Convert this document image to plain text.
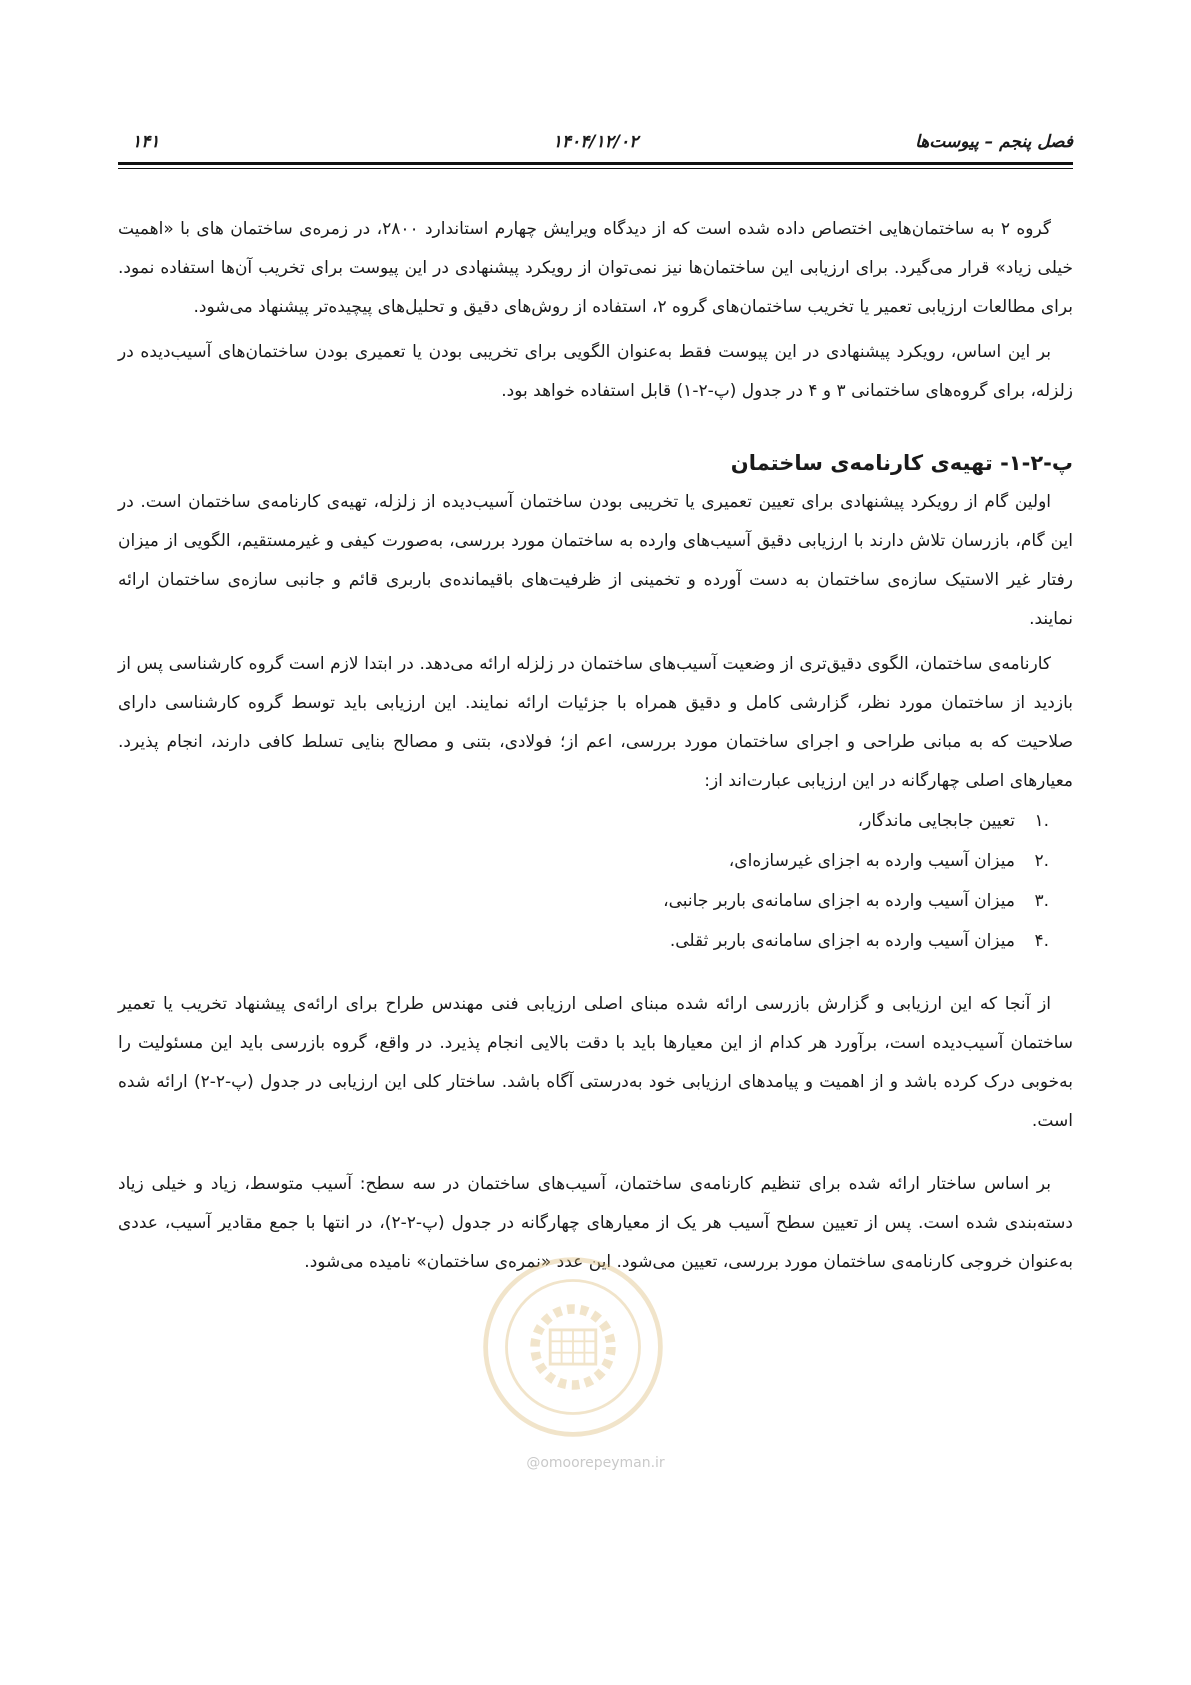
فصل پنجم – پیوست‌ها
۱۴۰۴/۱۲/۰۲
۱۴۱

گروه ۲ به ساختمان‌هایی اختصاص داده شده است که از دیدگاه ویرایش چهارم استاندارد ۲۸۰۰، در زمره‌ی ساختمان های با «اهمیت خیلی زیاد» قرار می‌گیرد. برای ارزیابی این ساختمان‌ها نیز نمی‌توان از رویکرد پیشنهادی در این پیوست برای تخریب آن‌ها استفاده نمود. برای مطالعات ارزیابی تعمیر یا تخریب ساختمان‌های گروه ۲، استفاده از روش‌های دقیق و تحلیل‌های پیچیده‌تر پیشنهاد می‌شود.

بر این اساس، رویکرد پیشنهادی در این پیوست فقط به‌عنوان الگویی برای تخریبی بودن یا تعمیری بودن ساختمان‌های آسیب‌دیده در زلزله، برای گروه‌های ساختمانی ۳ و ۴ در جدول (پ-۲-۱) قابل استفاده خواهد بود.

پ-۲-۱- تهیه‌ی کارنامه‌ی ساختمان

اولین گام از رویکرد پیشنهادی برای تعیین تعمیری یا تخریبی بودن ساختمان آسیب‌دیده از زلزله، تهیه‌ی کارنامه‌ی ساختمان است. در این گام، بازرسان تلاش دارند با ارزیابی دقیق آسیب‌های وارده به ساختمان مورد بررسی، به‌صورت کیفی و غیرمستقیم، الگویی از میزان رفتار غیر الاستیک سازه‌ی ساختمان به دست آورده و تخمینی از ظرفیت‌های باقیمانده‌ی باربری قائم و جانبی سازه‌ی ساختمان ارائه نمایند.

کارنامه‌ی ساختمان، الگوی دقیق‌تری از وضعیت آسیب‌های ساختمان در زلزله ارائه می‌دهد. در ابتدا لازم است گروه کارشناسی پس از بازدید از ساختمان مورد نظر، گزارشی کامل و دقیق همراه با جزئیات ارائه نمایند. این ارزیابی باید توسط گروه کارشناسی دارای صلاحیت که به مبانی طراحی و اجرای ساختمان مورد بررسی، اعم از؛ فولادی، بتنی و مصالح بنایی تسلط کافی دارند، انجام پذیرد. معیارهای اصلی چهارگانه در این ارزیابی عبارت‌اند از:

.۱
تعیین جابجایی ماندگار،
.۲
میزان آسیب وارده به اجزای غیرسازه‌ای،
.۳
میزان آسیب وارده به اجزای سامانه‌ی باربر جانبی،
.۴
میزان آسیب وارده به اجزای سامانه‌ی باربر ثقلی.

از آنجا که این ارزیابی و گزارش بازرسی ارائه شده مبنای اصلی ارزیابی فنی مهندس طراح برای ارائه‌ی پیشنهاد تخریب یا تعمیر ساختمان آسیب‌دیده است، برآورد هر کدام از این معیارها باید با دقت بالایی انجام پذیرد. در واقع، گروه بازرسی باید این مسئولیت را به‌خوبی درک کرده باشد و از اهمیت و پیامدهای ارزیابی خود به‌درستی آگاه باشد. ساختار کلی این ارزیابی در جدول (پ-۲-۲) ارائه شده است.

بر اساس ساختار ارائه شده برای تنظیم کارنامه‌ی ساختمان، آسیب‌های ساختمان در سه سطح: آسیب متوسط، زیاد و خیلی زیاد دسته‌بندی شده است. پس از تعیین سطح آسیب هر یک از معیارهای چهارگانه در جدول (پ-۲-۲)، در انتها با جمع مقادیر آسیب، عددی به‌عنوان خروجی کارنامه‌ی ساختمان مورد بررسی، تعیین می‌شود. این عدد «نمره‌ی ساختمان» نامیده می‌شود.

@omoorepeyman.ir
